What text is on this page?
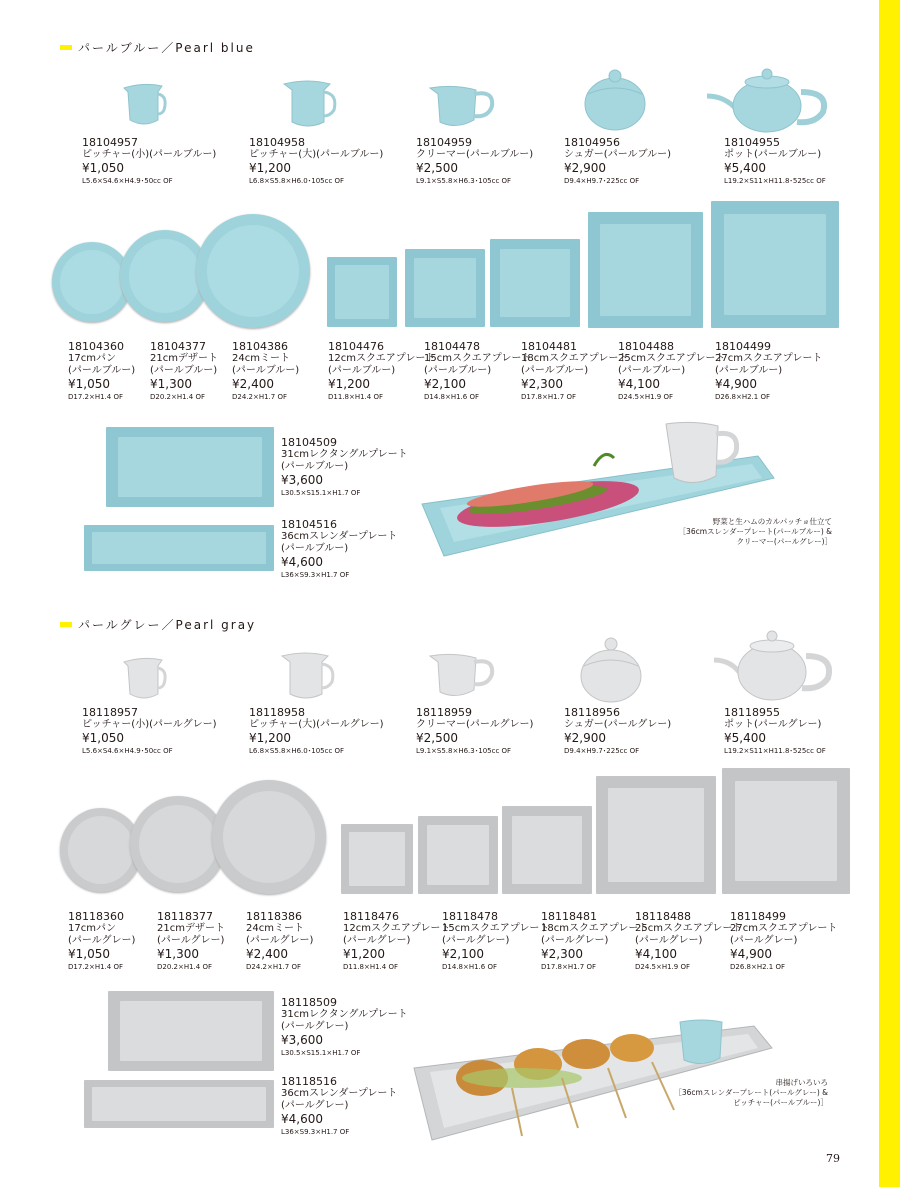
パールブルー／Pearl blue
18104957
ピッチャー(小)(パールブルー)
¥1,050
L5.6×S4.6×H4.9･50cc OF
18104958
ピッチャー(大)(パールブルー)
¥1,200
L6.8×S5.8×H6.0･105cc OF
18104959
クリーマー(パールブルー)
¥2,500
L9.1×S5.8×H6.3･105cc OF
18104956
シュガー(パールブルー)
¥2,900
D9.4×H9.7･225cc OF
18104955
ポット(パールブルー)
¥5,400
L19.2×S11×H11.8･525cc OF
18104360
17cmパン
(パールブルー)
¥1,050
D17.2×H1.4 OF
18104377
21cmデザート
(パールブルー)
¥1,300
D20.2×H1.4 OF
18104386
24cmミート
(パールブルー)
¥2,400
D24.2×H1.7 OF
18104476
12cmスクエアプレート
(パールブルー)
¥1,200
D11.8×H1.4 OF
18104478
15cmスクエアプレート
(パールブルー)
¥2,100
D14.8×H1.6 OF
18104481
18cmスクエアプレート
(パールブルー)
¥2,300
D17.8×H1.7 OF
18104488
25cmスクエアプレート
(パールブルー)
¥4,100
D24.5×H1.9 OF
18104499
27cmスクエアプレート
(パールブルー)
¥4,900
D26.8×H2.1 OF
18104509
31cmレクタングルプレート
(パールブルー)
¥3,600
L30.5×S15.1×H1.7 OF
18104516
36cmスレンダープレート
(パールブルー)
¥4,600
L36×S9.3×H1.7 OF
野菜と生ハムのカルパッチョ仕立て
［36cmスレンダープレート(パールブルー) &
クリーマー(パールグレー)］
パールグレー／Pearl gray
18118957
ピッチャー(小)(パールグレー)
¥1,050
L5.6×S4.6×H4.9･50cc OF
18118958
ピッチャー(大)(パールグレー)
¥1,200
L6.8×S5.8×H6.0･105cc OF
18118959
クリーマー(パールグレー)
¥2,500
L9.1×S5.8×H6.3･105cc OF
18118956
シュガー(パールグレー)
¥2,900
D9.4×H9.7･225cc OF
18118955
ポット(パールグレー)
¥5,400
L19.2×S11×H11.8･525cc OF
18118360
17cmパン
(パールグレー)
¥1,050
D17.2×H1.4 OF
18118377
21cmデザート
(パールグレー)
¥1,300
D20.2×H1.4 OF
18118386
24cmミート
(パールグレー)
¥2,400
D24.2×H1.7 OF
18118476
12cmスクエアプレート
(パールグレー)
¥1,200
D11.8×H1.4 OF
18118478
15cmスクエアプレート
(パールグレー)
¥2,100
D14.8×H1.6 OF
18118481
18cmスクエアプレート
(パールグレー)
¥2,300
D17.8×H1.7 OF
18118488
25cmスクエアプレート
(パールグレー)
¥4,100
D24.5×H1.9 OF
18118499
27cmスクエアプレート
(パールグレー)
¥4,900
D26.8×H2.1 OF
18118509
31cmレクタングルプレート
(パールグレー)
¥3,600
L30.5×S15.1×H1.7 OF
18118516
36cmスレンダープレート
(パールグレー)
¥4,600
L36×S9.3×H1.7 OF
串揚げいろいろ
［36cmスレンダープレート(パールグレー) &
ピッチャー(パールブルー)］
79
